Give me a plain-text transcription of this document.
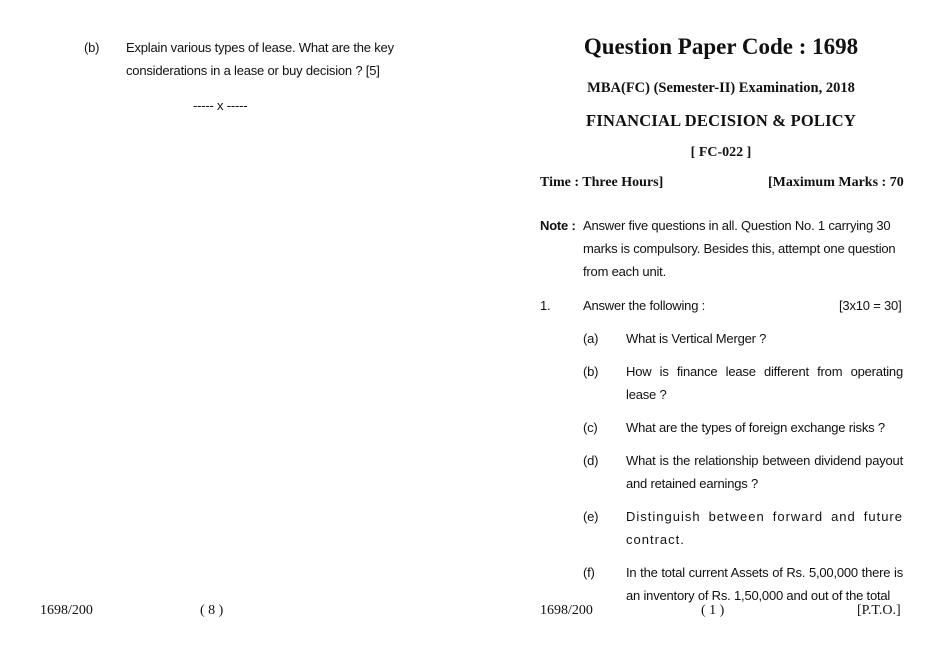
(b) Explain various types of lease. What are the key considerations in a lease or buy decision ? [5]
----- x -----
1698/200	( 8 )
Question Paper Code : 1698
MBA(FC) (Semester-II) Examination, 2018
FINANCIAL DECISION & POLICY
[ FC-022 ]
Time : Three Hours]	[Maximum Marks : 70
Note : Answer five questions in all. Question No. 1 carrying 30 marks is compulsory. Besides this, attempt one question from each unit.
1.	Answer the following :	[3x10 = 30]
(a) What is Vertical Merger ?
(b) How is finance lease different from operating lease ?
(c) What are the types of foreign exchange risks ?
(d) What is the relationship between dividend payout and retained earnings ?
(e) Distinguish between forward and future contract.
(f) In the total current Assets of Rs. 5,00,000 there is an inventory of Rs. 1,50,000 and out of the total
1698/200	( 1 )	[P.T.O.]
